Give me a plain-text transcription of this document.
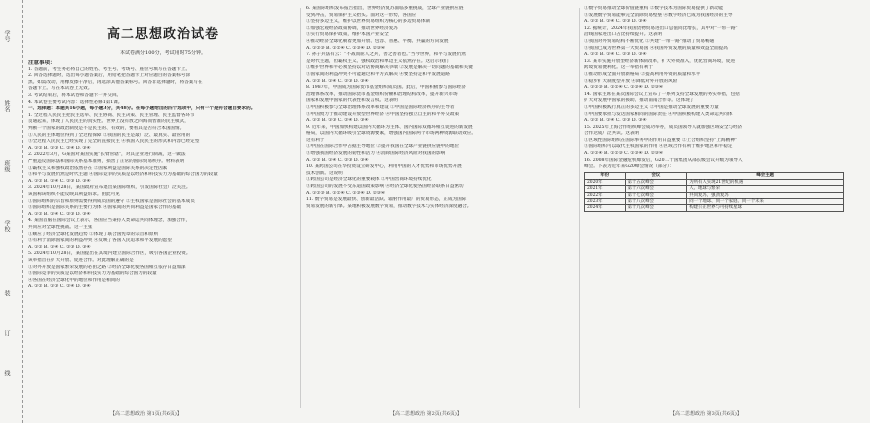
学号
姓名
班级
学校
装
订
线

高二思想政治试卷

本试卷满分100分，考试用时75分钟。

注意事项：

1. 答题前，考生务必将自己的姓名、考生号、考场号、座位号填写在答题卡上。

2. 回答选择题时，选出每小题答案后，用铅笔把答题卡上对应题目的答案标号涂

黑。如需改动，用橡皮擦干净后，再选涂其他答案标号。回答非选择题时，将答案写在

答题卡上。写在本试卷上无效。

3. 考试结束后，将本试卷和答题卡一并交回。

4. 本试卷主要考试内容：选择性必修1第1课。

一、选择题：本题共16小题，每小题3分，共48分。在每小题给出的四个选项中，只有一个是符合题目要求的。

1. 全过程人民民主把民主选举、民主协商、民主决策、民主管理、民主监督各环节

贯通起来，体现了人民民主的真实性。世界上没有放之四海而皆准的民主模式，

判断一个国家的政治制度是不是民主的、有效的，要看其是否符合本国国情。

①人民的主体地位得到了全过程保障 ②我国的民主是最广泛、最真实、最管用的

③全过程人民民主已经实现了完全的直接民主 ④我国人民民主的形式和内容已经定型

A. ①② B. ①③ C. ②④ D. ③④

2. 2022年3月，G某国对某国实施“长臂管辖”，对其企业进行制裁，这一做法

严重违反国际法和国际关系基本准则，损害了正常的国际贸易秩序。材料表明

①霸权主义和强权政治依然存在 ②国家利益是国际关系的决定性因素

③和平与发展仍然是时代主题 ④国际竞争的实质是以经济和科技实力为基础的综合国力的较量

A. ①② B. ①④ C. ②③ D. ③④

3. 2024年10月28日，某国政府宣布退出某国际组织，引发国际社会广泛关注。

该国称该组织不能反映其利益诉求。由此可见

①国际组织的宗旨和原则需要得到成员国的遵守 ②主权国家是国际社会的基本成员

③国际组织是国际关系的主要行为体 ④国家间的共同利益是国家合作的基础

A. ①② B. ①④ C. ②③ D. ③④

4. 某国首脑在国际会议上表示，各国应当秉持人类命运共同体理念，加强合作，

共同应对全球性挑战。这一主张

①顺应了经济全球化发展趋势 ②体现了联合国宪章的宗旨和原则

③有利于消除国家间的利益冲突 ④反映了各国人民追求和平发展的愿望

A. ①② B. ①④ C. ②③ D. ③④

5. 2024年10月28日，某国提出在其境内建立国际合作区，吸引各国企业投资。

该举措旨在扩大开放、促进合作。对此理解正确的是

①对外开放是国家繁荣发展的必由之路 ②经济全球化使各国相互依存日益加深

③国际竞争的实质是以经济和科技实力为基础的综合国力的较量

④各国在经济全球化中的地位和作用是相同的

A. ①② B. ①③ C. ②④ D. ③④

6. 某国际组织发布报告指出，世界经济复苏面临多重挑战，全球产业链供应链

受到冲击，贸易保护主义抬头。面对这一形势，各国应

①坚持多边主义，维护以世界贸易组织为核心的多边贸易体制

②加强宏观经济政策协调，推动世界经济复苏

③实行贸易保护政策，维护本国产业安全

④推动经济全球化朝着更加开放、包容、普惠、平衡、共赢的方向发展

A. ①②③ B. ①②④ C. ①③④ D. ②③④

7. 孙子兵法有云：“不战而屈人之兵，善之善者也。”当今世界，和平与发展仍然

是时代主题，但霸权主义、强权政治和单边主义依然存在。这启示我们

①维护世界和平必须坚持以对话协商解决争端 ②发展是解决一切问题的基础和关键

③国家间的利益冲突不可能通过和平方式解决 ④要坚持走和平发展道路

A. ①② B. ①④ C. ②③ D. ③④

8. 1987年，中国成为国际货币基金组织成员国。此后，中国积极参与国际经济

治理体系改革，推动国际货币基金组织份额和治理结构改革，提升新兴市场

国家和发展中国家的代表性和发言权。这表明

①中国积极参与全球治理体系改革和建设 ②中国是国际经济秩序的主导者

③中国致力于推动建设开放型世界经济 ④中国坚持独立自主的和平外交政策

A. ①② B. ①③ C. ②④ D. ③④

9. 近年来，中国加快构建以国内大循环为主体、国内国际双循环相互促进的新发展

格局，以国内大循环吸引全球资源要素，增强国内国际两个市场两种资源联动效应。

这有利于

①中国在国际合作中占据主导地位 ②提升我国在全球产业链供应链中的地位

③增强我国经济发展的韧性和活力 ④消除国际经济风险对我国的影响

A. ①② B. ①④ C. ②③ D. ③④

10. 某跨国公司在华投资设立研发中心，利用中国的人才优势和市场优势开展

技术创新。这说明

①跨国公司是经济全球化的重要载体 ②中国营商环境持续优化

③跨国公司的发展不受东道国政策影响 ④经济全球化使各国经济联系日益密切

A. ①②③ B. ①②④ C. ①③④ D. ②③④

11. 数字贸易是发展最快、创新最活跃、辐射作用最广的贸易形态，正成为国际

贸易发展的新引擎。某地积极发展数字贸易，推动数字技术与实体经济深度融合。

①数字贸易推动全球价值链重构 ②数字技术为国际贸易提供了新动能

③发展数字贸易能够完全消除贸易壁垒 ④数字经济已成为我国经济的主导

A. ①② B. ①④ C. ②③ D. ③④

12. 据统计，2024年我国货物贸易进出口总值同比增长，其中对“一带一路”

沿线国家进出口占比持续提升。这表明

①我国对外贸易结构不断优化 ②共建“一带一路”推动了贸易畅通

③我国已成为世界第一大贸易国 ④我国外贸发展的质量和效益全面提高

A. ①② B. ①④ C. ②③ D. ③④

13. 某市实施开放型经济新体制改革，扩大外资准入，优化营商环境，促进

跨境贸易便利化。这一举措有利于

①推动形成全面开放新格局 ②提高利用外资的质量和水平

③稳步扩大制度型开放 ④降低对外开放的风险

A. ①②③ B. ①②④ C. ①③④ D. ②③④

14. 国家主席在某次国际会议上宣布了一系列支持全球发展的务实举措，包括

扩大对发展中国家的援助、推动南南合作等。这体现了

①中国积极践行真正的多边主义 ②中国是推动全球发展的重要力量

③中国要承担与发达国家相同的国际责任 ④中国积极构建人类命运共同体

A. ①② B. ①④ C. ②③ D. ③④

15. 2025年上海合作组织峰会成功举办，成员国领导人就加强区域安全与经济

合作达成广泛共识。这表明

①区域性国际组织在国际事务中的作用日益重要 ②上合组织坚持“上海精神”

③国际组织可以取代主权国家的作用 ④区域合作有利于维护地区和平稳定

A. ①②④ B. ①②③ C. ①③④ D. ②③④

16. 2008年国际金融危机爆发后，G20二十国集团从部长级会议升级为领导人

峰会。下表为近年来G20峰会情况（部分）：

年份	会议	峰会主题
2020年	第十五次峰会	为所有人实现21世纪的机遇
2021年	第十六次峰会	人、地球与繁荣
2022年	第十七次峰会	共同复苏，强劲复苏
2023年	第十八次峰会	同一个地球、同一个家庭、同一个未来
2024年	第十九次峰会	构建公正世界与可持续星球
【高二思想政治 第1页(共6页)】	【高二思想政治 第2页(共6页)】	【高二思想政治 第3页(共6页)】
